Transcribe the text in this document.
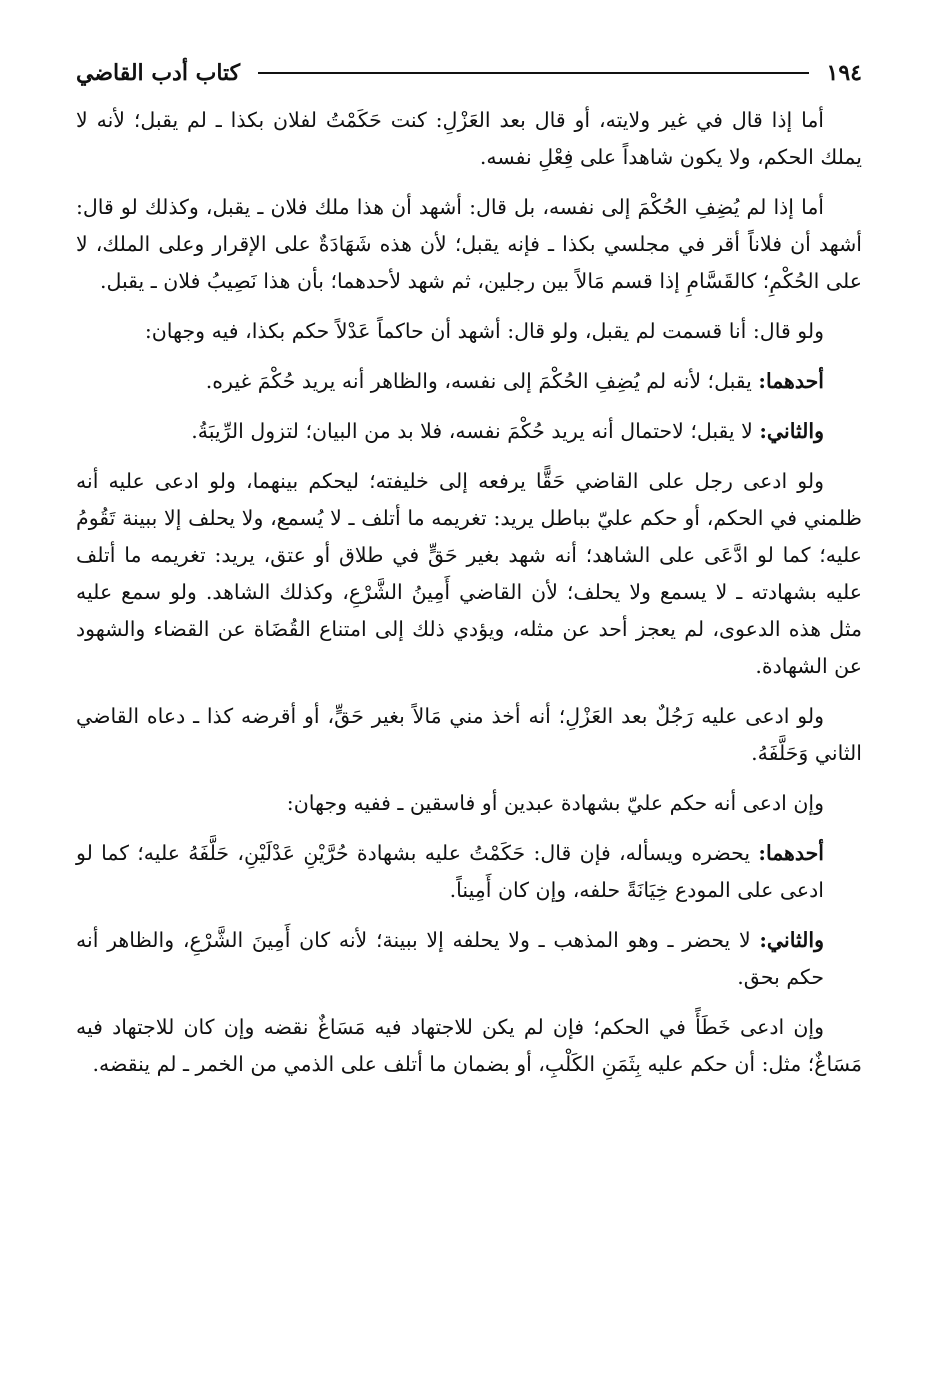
١٩٤
كتاب أدب القاضي

أما إذا قال في غير ولايته، أو قال بعد العَزْلِ: كنت حَكَمْتُ لفلان بكذا ـ لم يقبل؛ لأنه لا يملك الحكم، ولا يكون شاهداً على فِعْلِ نفسه.

أما إذا لم يُضِفِ الحُكْمَ إلى نفسه، بل قال: أشهد أن هذا ملك فلان ـ يقبل، وكذلك لو قال: أشهد أن فلاناً أقر في مجلسي بكذا ـ فإنه يقبل؛ لأن هذه شَهَادَةٌ على الإقرار وعلى الملك، لا على الحُكْمِ؛ كالقَسَّامِ إذا قسم مَالاً بين رجلين، ثم شهد لأحدهما؛ بأن هذا نَصِيبُ فلان ـ يقبل.

ولو قال: أنا قسمت لم يقبل، ولو قال: أشهد أن حاكماً عَدْلاً حكم بكذا، فيه وجهان:

أحدهما: يقبل؛ لأنه لم يُضِفِ الحُكْمَ إلى نفسه، والظاهر أنه يريد حُكْمَ غيره.

والثاني: لا يقبل؛ لاحتمال أنه يريد حُكْمَ نفسه، فلا بد من البيان؛ لتزول الرِّيبَةُ.

ولو ادعى رجل على القاضي حَقًّا يرفعه إلى خليفته؛ ليحكم بينهما، ولو ادعى عليه أنه ظلمني في الحكم، أو حكم عليّ بباطل يريد: تغريمه ما أتلف ـ لا يُسمع، ولا يحلف إلا ببينة تَقُومُ عليه؛ كما لو ادَّعَى على الشاهد؛ أنه شهد بغير حَقٍّ في طلاق أو عتق، يريد: تغريمه ما أتلف عليه بشهادته ـ لا يسمع ولا يحلف؛ لأن القاضي أَمِينُ الشَّرْعِ، وكذلك الشاهد. ولو سمع عليه مثل هذه الدعوى، لم يعجز أحد عن مثله، ويؤدي ذلك إلى امتناع القُضَاة عن القضاء والشهود عن الشهادة.

ولو ادعى عليه رَجُلٌ بعد العَزْلِ؛ أنه أخذ مني مَالاً بغير حَقٍّ، أو أقرضه كذا ـ دعاه القاضي الثاني وَحَلَّفَهُ.

وإن ادعى أنه حكم عليّ بشهادة عبدين أو فاسقين ـ ففيه وجهان:

أحدهما: يحضره ويسأله، فإن قال: حَكَمْتُ عليه بشهادة حُرَّيْنِ عَدْلَيْنِ، حَلَّفَهُ عليه؛ كما لو ادعى على المودع خِيَانَةً حلفه، وإن كان أَمِيناً.

والثاني: لا يحضر ـ وهو المذهب ـ ولا يحلفه إلا ببينة؛ لأنه كان أَمِينَ الشَّرْعِ، والظاهر أنه حكم بحق.

وإن ادعى خَطَأً في الحكم؛ فإن لم يكن للاجتهاد فيه مَسَاغٌ نقضه وإن كان للاجتهاد فيه مَسَاغٌ؛ مثل: أن حكم عليه بِثَمَنِ الكَلْبِ، أو بضمان ما أتلف على الذمي من الخمر ـ لم ينقضه.
